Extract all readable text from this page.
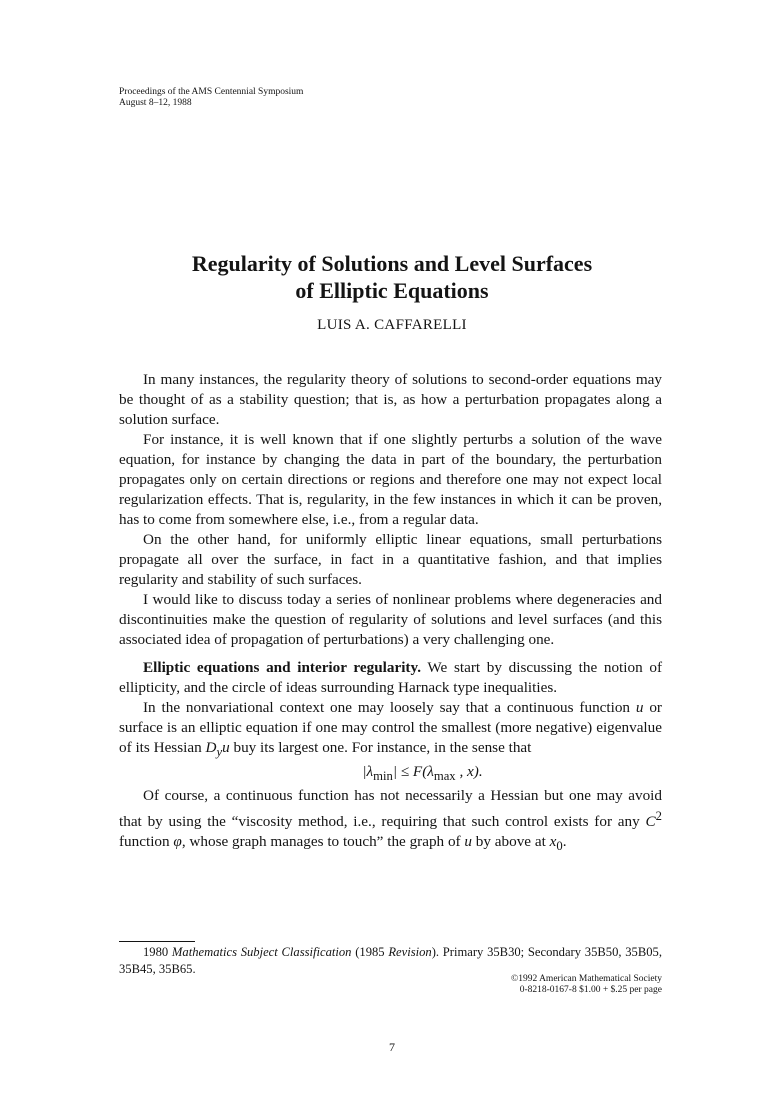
Proceedings of the AMS Centennial Symposium
August 8–12, 1988
Regularity of Solutions and Level Surfaces
of Elliptic Equations
LUIS A. CAFFARELLI

In many instances, the regularity theory of solutions to second-order equations may be thought of as a stability question; that is, as how a perturbation propagates along a solution surface.

For instance, it is well known that if one slightly perturbs a solution of the wave equation, for instance by changing the data in part of the boundary, the perturbation propagates only on certain directions or regions and therefore one may not expect local regularization effects. That is, regularity, in the few instances in which it can be proven, has to come from somewhere else, i.e., from a regular data.

On the other hand, for uniformly elliptic linear equations, small perturbations propagate all over the surface, in fact in a quantitative fashion, and that implies regularity and stability of such surfaces.

I would like to discuss today a series of nonlinear problems where degeneracies and discontinuities make the question of regularity of solutions and level surfaces (and this associated idea of propagation of perturbations) a very challenging one.

Elliptic equations and interior regularity. We start by discussing the notion of ellipticity, and the circle of ideas surrounding Harnack type inequalities.

In the nonvariational context one may loosely say that a continuous function u or surface is an elliptic equation if one may control the smallest (more negative) eigenvalue of its Hessian $D_yu$ buy its largest one. For instance, in the sense that

$|\lambda_{min}| \le F(\lambda_{max}$ , x).

Of course, a continuous function has not necessarily a Hessian but one may avoid that by using the “viscosity method, i.e., requiring that such control exists for any $C^2$ function φ, whose graph manages to touch” the graph of u by above at $x_0$.

1980 Mathematics Subject Classification (1985 Revision). Primary 35B30; Secondary 35B50, 35B05, 35B45, 35B65.

©1992 American Mathematical Society
0-8218-0167-8 $1.00 + $.25 per page
7
